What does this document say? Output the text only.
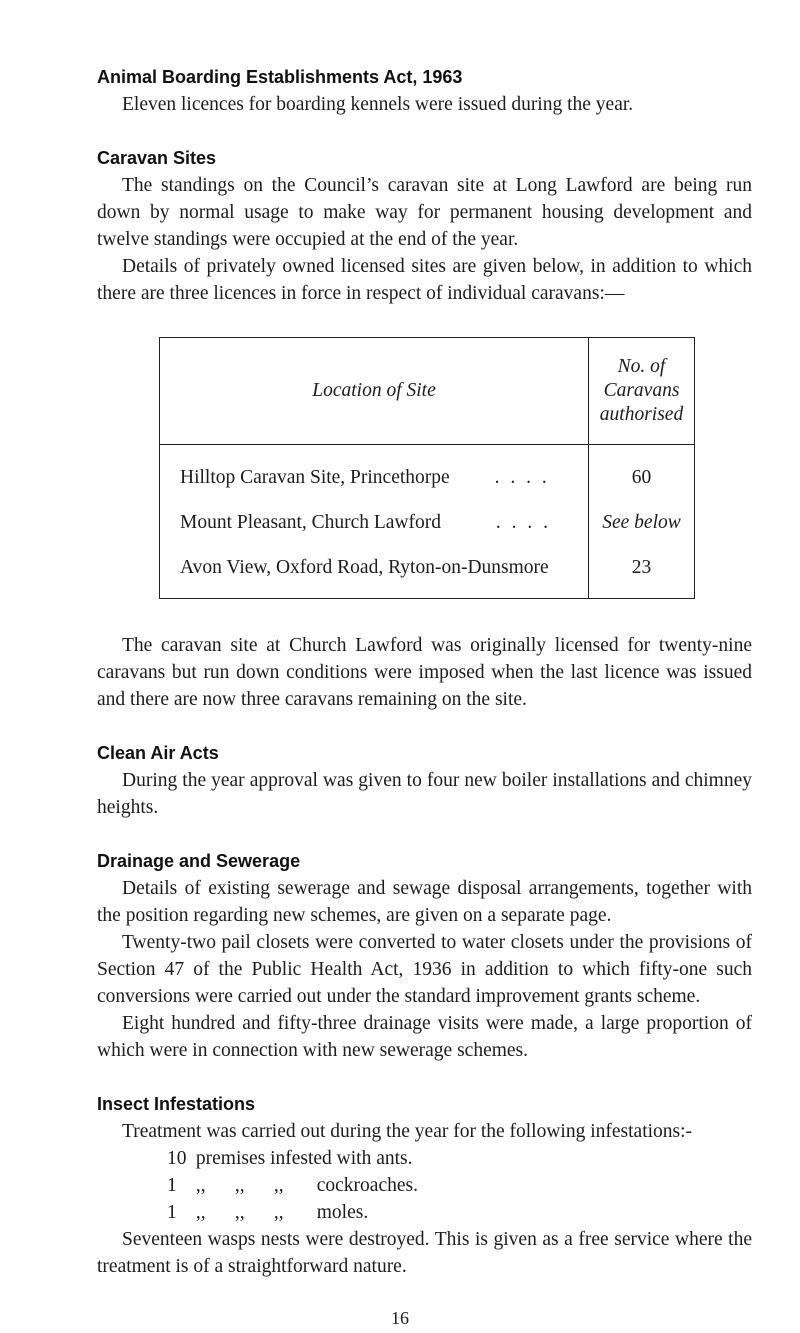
Animal Boarding Establishments Act, 1963

Eleven licences for boarding kennels were issued during the year.

Caravan Sites

The standings on the Council’s caravan site at Long Lawford are being run down by normal usage to make way for permanent housing development and twelve standings were occupied at the end of the year.

Details of privately owned licensed sites are given below, in addition to which there are three licences in force in respect of individual caravans:—

Location of Site	No. of
Caravans
authorised

Hilltop Caravan Site, Princethorpe . . . .	60
Mount Pleasant, Church Lawford . . . .	See below
Avon View, Oxford Road, Ryton-on-Dunsmore	23

The caravan site at Church Lawford was originally licensed for twenty-nine caravans but run down conditions were imposed when the last licence was issued and there are now three caravans remaining on the site.

Clean Air Acts

During the year approval was given to four new boiler installations and chimney heights.

Drainage and Sewerage

Details of existing sewerage and sewage disposal arrangements, together with the position regarding new schemes, are given on a separate page.

Twenty-two pail closets were converted to water closets under the provisions of Section 47 of the Public Health Act, 1936 in addition to which fifty-one such conversions were carried out under the standard improvement grants scheme.

Eight hundred and fifty-three drainage visits were made, a large proportion of which were in connection with new sewerage schemes.

Insect Infestations

Treatment was carried out during the year for the following infestations:-

10 premises infested with ants.
1 ,,      ,,      ,, cockroaches.
1 ,,      ,,      ,, moles.

Seventeen wasps nests were destroyed. This is given as a free service where the treatment is of a straightforward nature.

16
